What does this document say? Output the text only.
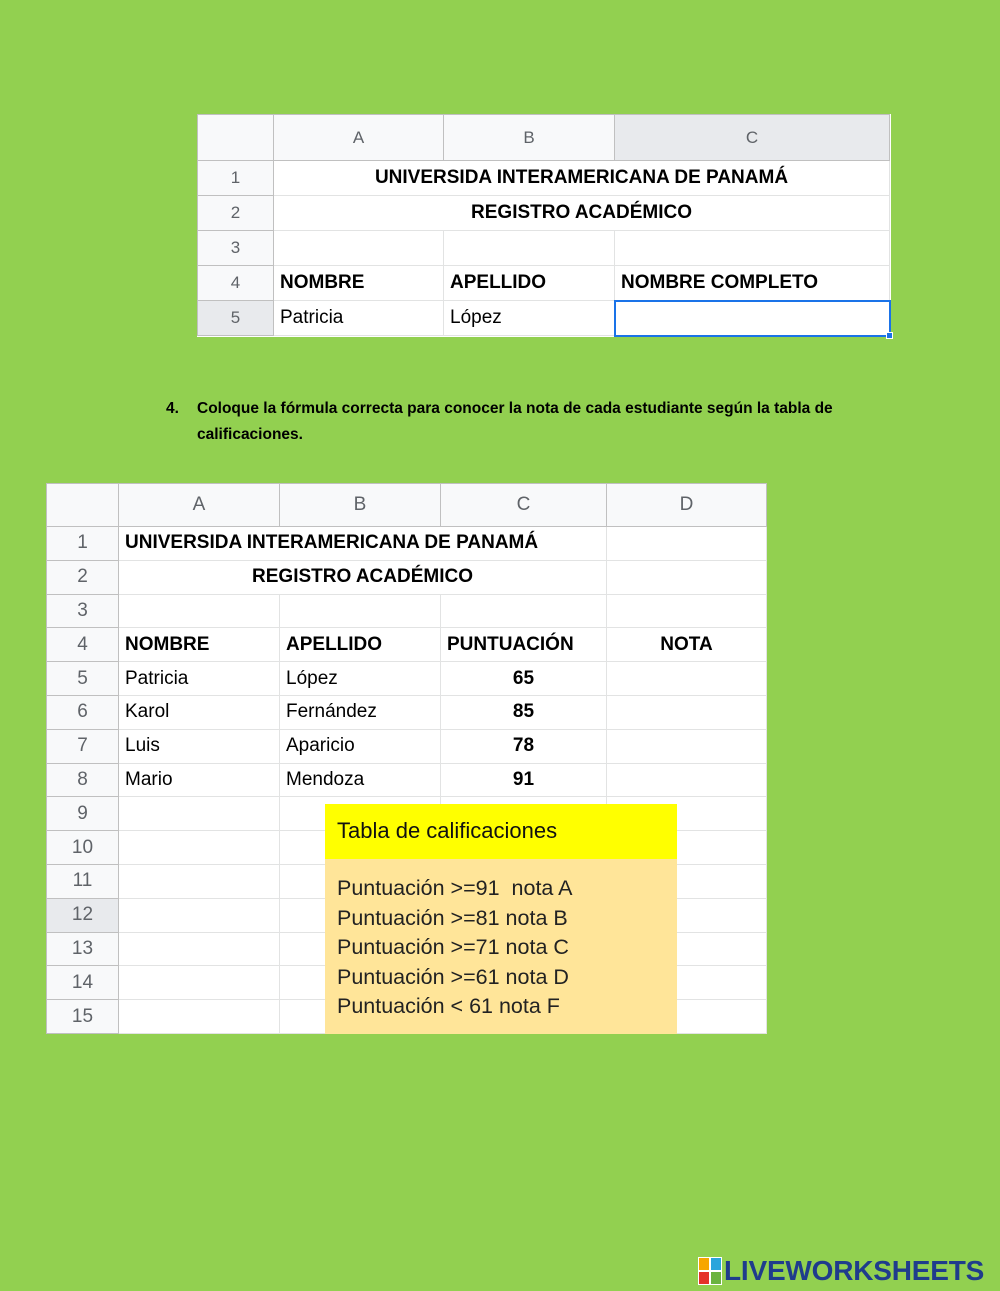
	A	B	C
1	UNIVERSIDA INTERAMERICANA DE PANAMÁ		
2	REGISTRO ACADÉMICO		
3			
4	NOMBRE	APELLIDO	NOMBRE COMPLETO
5	Patricia	López	
4. Coloque la fórmula correcta para conocer la nota de cada estudiante según la tabla de calificaciones.
	A	B	C	D
1	UNIVERSIDA INTERAMERICANA DE PANAMÁ			
2	REGISTRO ACADÉMICO			
3				
4	NOMBRE	APELLIDO	PUNTUACIÓN	NOTA
5	Patricia	López	65	
6	Karol	Fernández	85	
7	Luis	Aparicio	78	
8	Mario	Mendoza	91	
9				
10				
11				
12				
13				
14				
15				
Tabla de calificaciones
Puntuación >=91  nota A
Puntuación >=81 nota B
Puntuación >=71 nota C
Puntuación >=61 nota D
Puntuación < 61 nota F
LIVEWORKSHEETS
